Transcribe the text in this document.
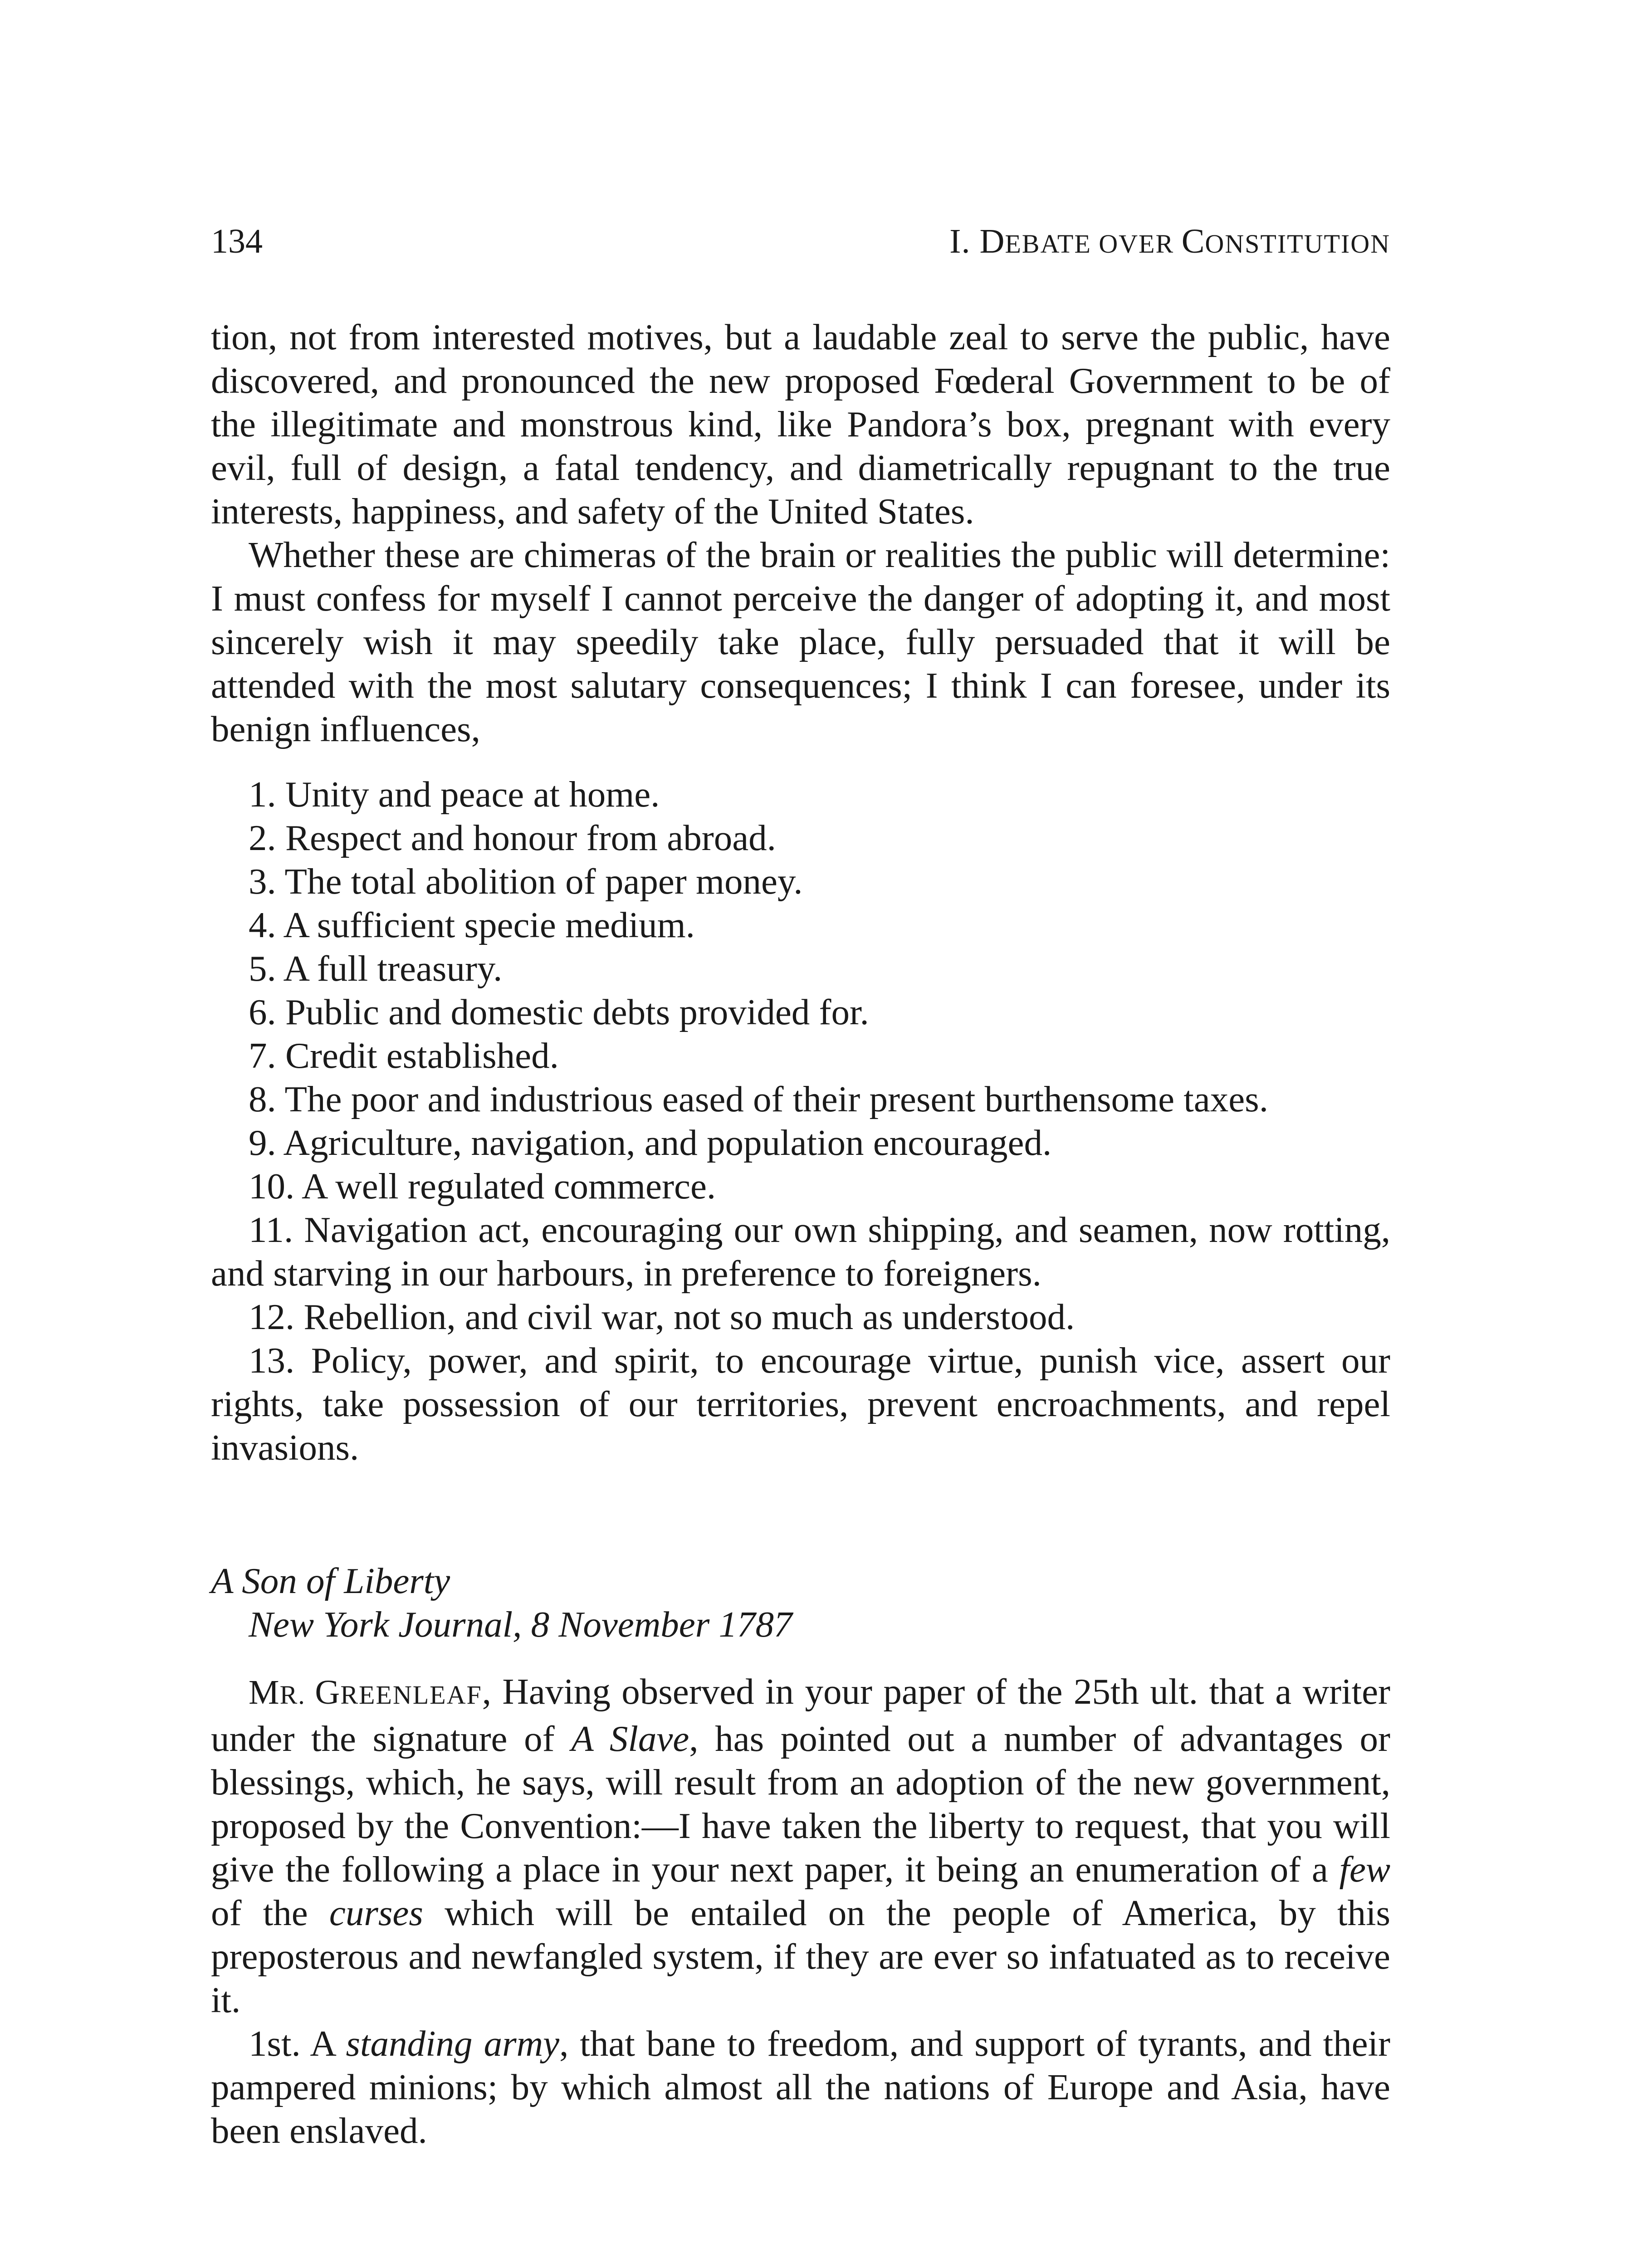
134	I. DEBATE OVER CONSTITUTION

tion, not from interested motives, but a laudable zeal to serve the public, have discovered, and pronounced the new proposed Fœderal Government to be of the illegitimate and monstrous kind, like Pandora’s box, pregnant with every evil, full of design, a fatal tendency, and diametrically repugnant to the true interests, happiness, and safety of the United States.

Whether these are chimeras of the brain or realities the public will determine: I must confess for myself I cannot perceive the danger of adopting it, and most sincerely wish it may speedily take place, fully persuaded that it will be attended with the most salutary consequences; I think I can foresee, under its benign influences,

1. Unity and peace at home.

2. Respect and honour from abroad.

3. The total abolition of paper money.

4. A sufficient specie medium.

5. A full treasury.

6. Public and domestic debts provided for.

7. Credit established.

8. The poor and industrious eased of their present burthensome taxes.

9. Agriculture, navigation, and population encouraged.

10. A well regulated commerce.

11. Navigation act, encouraging our own shipping, and seamen, now rotting, and starving in our harbours, in preference to foreigners.

12. Rebellion, and civil war, not so much as understood.

13. Policy, power, and spirit, to encourage virtue, punish vice, assert our rights, take possession of our territories, prevent encroachments, and repel invasions.

A Son of Liberty
New York Journal, 8 November 1787

MR. GREENLEAF, Having observed in your paper of the 25th ult. that a writer under the signature of A Slave, has pointed out a number of advantages or blessings, which, he says, will result from an adoption of the new government, proposed by the Convention:—I have taken the liberty to request, that you will give the following a place in your next paper, it being an enumeration of a few of the curses which will be entailed on the people of America, by this preposterous and newfangled system, if they are ever so infatuated as to receive it.

1st. A standing army, that bane to freedom, and support of tyrants, and their pampered minions; by which almost all the nations of Europe and Asia, have been enslaved.
